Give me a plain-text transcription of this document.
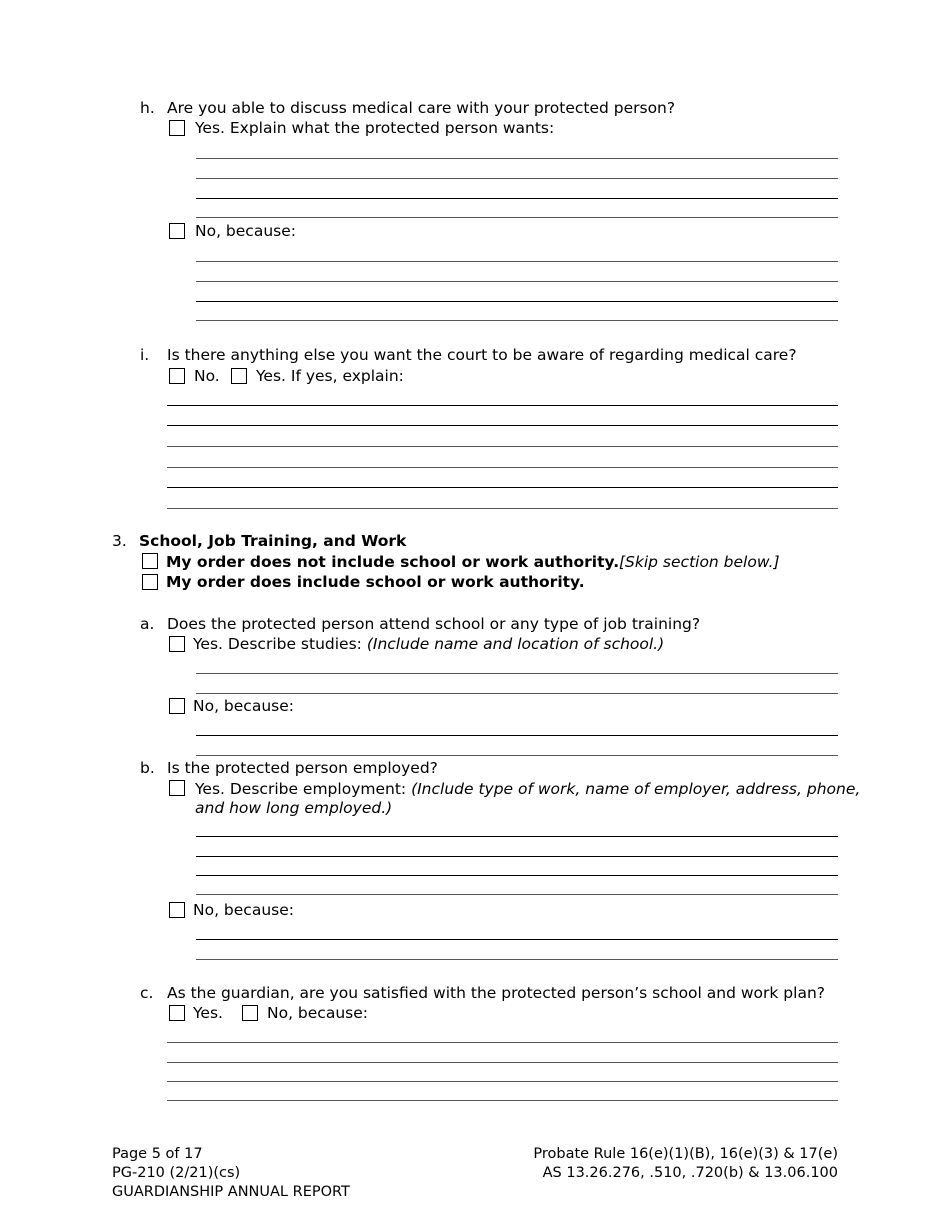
h. Are you able to discuss medical care with your protected person?
Yes. Explain what the protected person wants:
No, because:
i. Is there anything else you want the court to be aware of regarding medical care?
No. Yes. If yes, explain:
3. School, Job Training, and Work
My order does not include school or work authority. [Skip section below.]
My order does include school or work authority.
a. Does the protected person attend school or any type of job training?
Yes. Describe studies: (Include name and location of school.)
No, because:
b. Is the protected person employed?
Yes. Describe employment: (Include type of work, name of employer, address, phone,
and how long employed.)
No, because:
c. As the guardian, are you satisfied with the protected person’s school and work plan?
Yes.	No, because:
Page 5 of 17
PG-210 (2/21)(cs)
GUARDIANSHIP ANNUAL REPORT
Probate Rule 16(e)(1)(B), 16(e)(3) & 17(e)
AS 13.26.276, .510, .720(b) & 13.06.100
